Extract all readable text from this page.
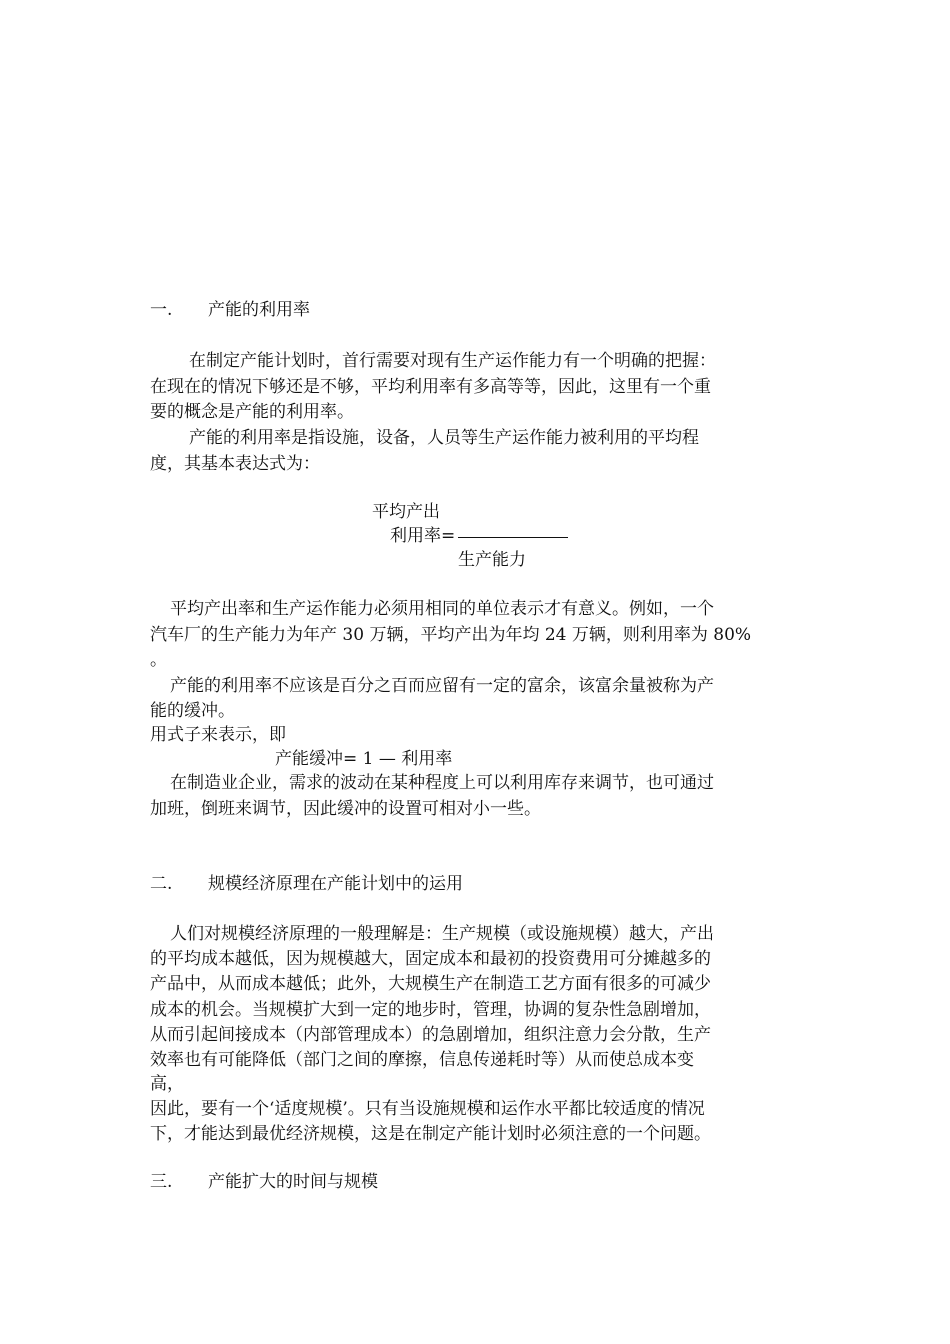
一. 产能的利用率
在制定产能计划时，首行需要对现有生产运作能力有一个明确的把握：
在现在的情况下够还是不够，平均利用率有多高等等，因此，这里有一个重
要的概念是产能的利用率。
产能的利用率是指设施，设备，人员等生产运作能力被利用的平均程
度，其基本表达式为：
平均产出
利用率=
生产能力
平均产出率和生产运作能力必须用相同的单位表示才有意义。例如，一个
汽车厂的生产能力为年产 30 万辆，平均产出为年均 24 万辆，则利用率为 80%
。
产能的利用率不应该是百分之百而应留有一定的富余，该富余量被称为产
能的缓冲。
用式子来表示，即
产能缓冲= 1 — 利用率
在制造业企业，需求的波动在某种程度上可以利用库存来调节，也可通过
加班，倒班来调节，因此缓冲的设置可相对小一些。
二. 规模经济原理在产能计划中的运用
人们对规模经济原理的一般理解是：生产规模（或设施规模）越大，产出
的平均成本越低，因为规模越大，固定成本和最初的投资费用可分摊越多的
产品中，从而成本越低；此外，大规模生产在制造工艺方面有很多的可减少
成本的机会。当规模扩大到一定的地步时，管理，协调的复杂性急剧增加，
从而引起间接成本（内部管理成本）的急剧增加，组织注意力会分散，生产
效率也有可能降低（部门之间的摩擦，信息传递耗时等）从而使总成本变
高，
因此，要有一个‘适度规模’。只有当设施规模和运作水平都比较适度的情况
下，才能达到最优经济规模，这是在制定产能计划时必须注意的一个问题。
三. 产能扩大的时间与规模
